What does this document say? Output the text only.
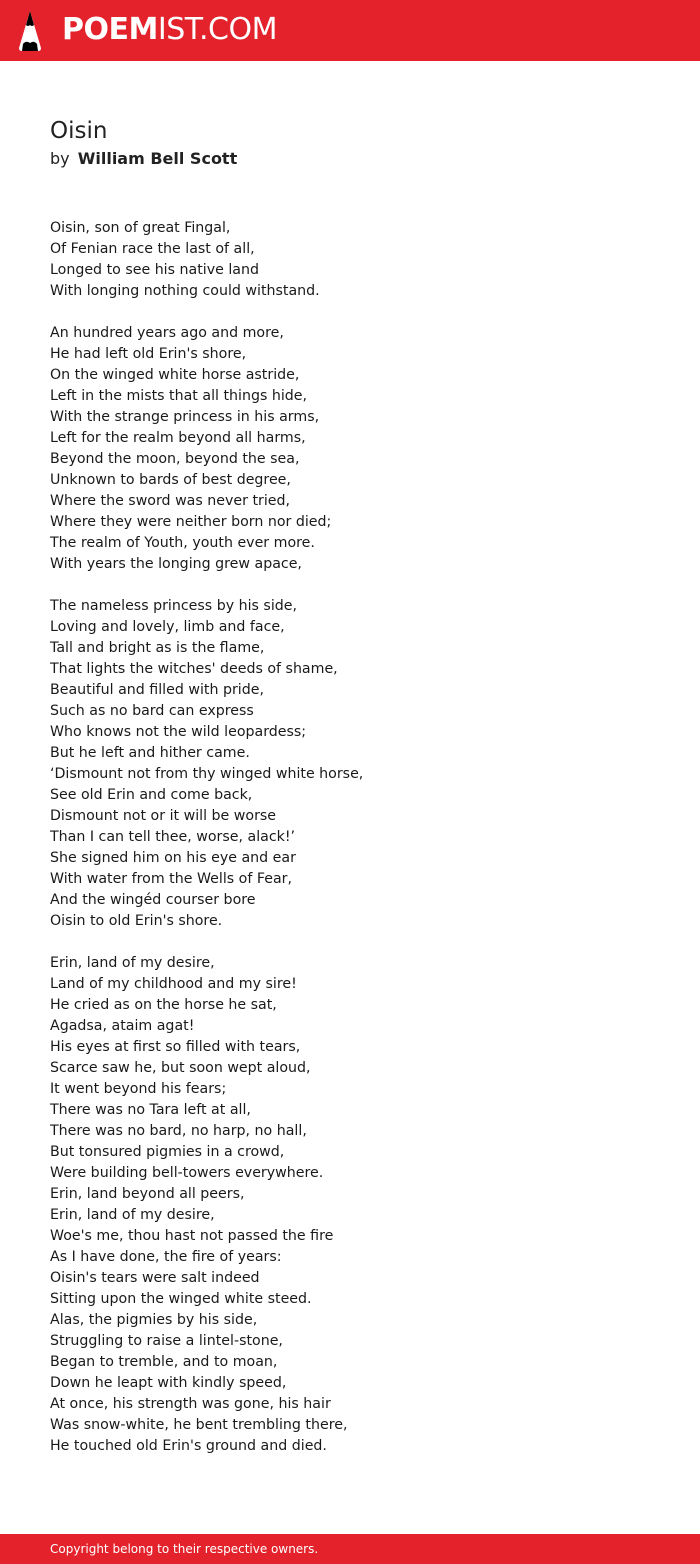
POEMIST.COM
Oisin
by William Bell Scott
Oisin, son of great Fingal,
Of Fenian race the last of all,
Longed to see his native land
With longing nothing could withstand.
An hundred years ago and more,
He had left old Erin's shore,
On the winged white horse astride,
Left in the mists that all things hide,
With the strange princess in his arms,
Left for the realm beyond all harms,
Beyond the moon, beyond the sea,
Unknown to bards of best degree,
Where the sword was never tried,
Where they were neither born nor died;
The realm of Youth, youth ever more.
With years the longing grew apace,
The nameless princess by his side,
Loving and lovely, limb and face,
Tall and bright as is the flame,
That lights the witches' deeds of shame,
Beautiful and filled with pride,
Such as no bard can express
Who knows not the wild leopardess;
But he left and hither came.
‘Dismount not from thy winged white horse,
See old Erin and come back,
Dismount not or it will be worse
Than I can tell thee, worse, alack!’
She signed him on his eye and ear
With water from the Wells of Fear,
And the wingéd courser bore
Oisin to old Erin's shore.
Erin, land of my desire,
Land of my childhood and my sire!
He cried as on the horse he sat,
Agadsa, ataim agat!
His eyes at first so filled with tears,
Scarce saw he, but soon wept aloud,
It went beyond his fears;
There was no Tara left at all,
There was no bard, no harp, no hall,
But tonsured pigmies in a crowd,
Were building bell-towers everywhere.
Erin, land beyond all peers,
Erin, land of my desire,
Woe's me, thou hast not passed the fire
As I have done, the fire of years:
Oisin's tears were salt indeed
Sitting upon the winged white steed.
Alas, the pigmies by his side,
Struggling to raise a lintel-stone,
Began to tremble, and to moan,
Down he leapt with kindly speed,
At once, his strength was gone, his hair
Was snow-white, he bent trembling there,
He touched old Erin's ground and died.
Copyright belong to their respective owners.
